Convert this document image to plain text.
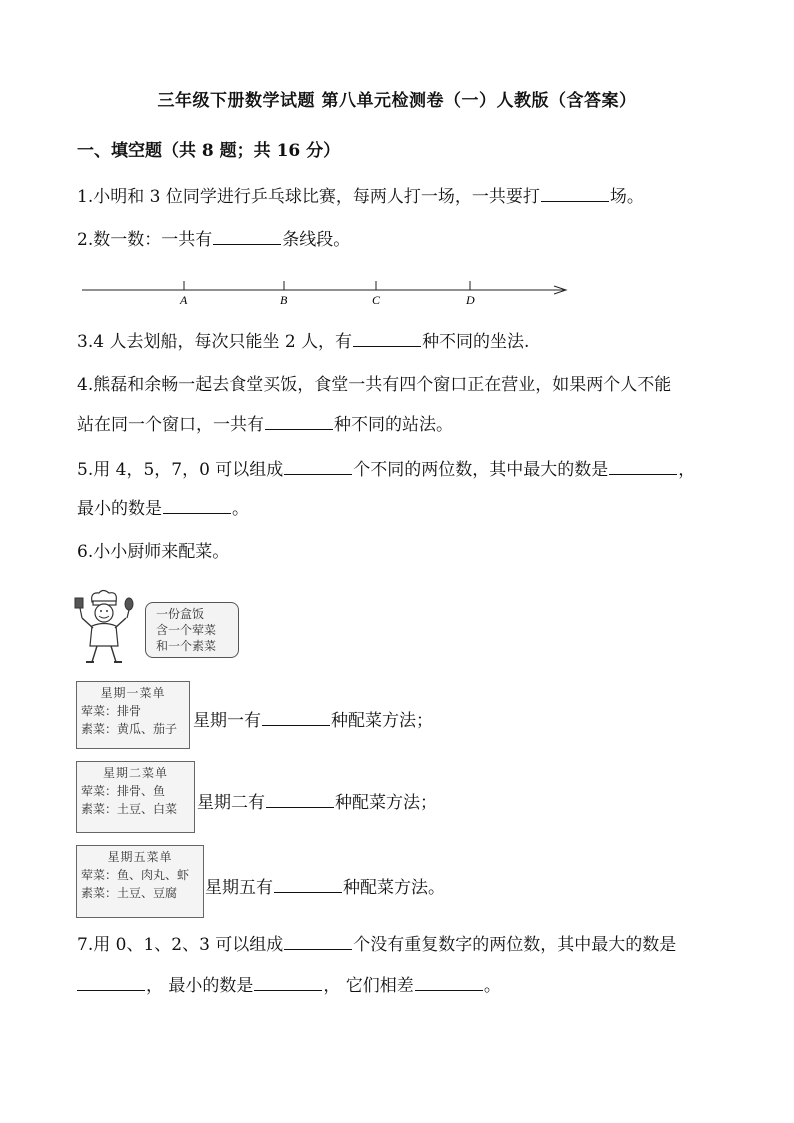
三年级下册数学试题 第八单元检测卷（一）人教版（含答案）
一、填空题（共 8 题；共 16 分）
1.小明和 3 位同学进行乒乓球比赛，每两人打一场，一共要打	场。
2.数一数：一共有	条线段。
A	B	C	D
3.4 人去划船，每次只能坐 2 人，有	种不同的坐法.
4.熊磊和余畅一起去食堂买饭，食堂一共有四个窗口正在营业，如果两个人不能
站在同一个窗口，一共有	种不同的站法。
5.用 4，5，7，0 可以组成	个不同的两位数，其中最大的数是	，
最小的数是	。
6.小小厨师来配菜。
一份盒饭
含一个荤菜
和一个素菜
星期一菜单
荤菜：排骨
素菜：黄瓜、茄子 星期一有	种配菜方法；
星期二菜单
荤菜：排骨、鱼
素菜：土豆、白菜	星期二有	种配菜方法；
星期五菜单
荤菜：鱼、肉丸、虾
素菜：土豆、豆腐	星期五有	种配菜方法。
7.用 0、1、2、3 可以组成	个没有重复数字的两位数，其中最大的数是
， 最小的数是	， 它们相差	。
